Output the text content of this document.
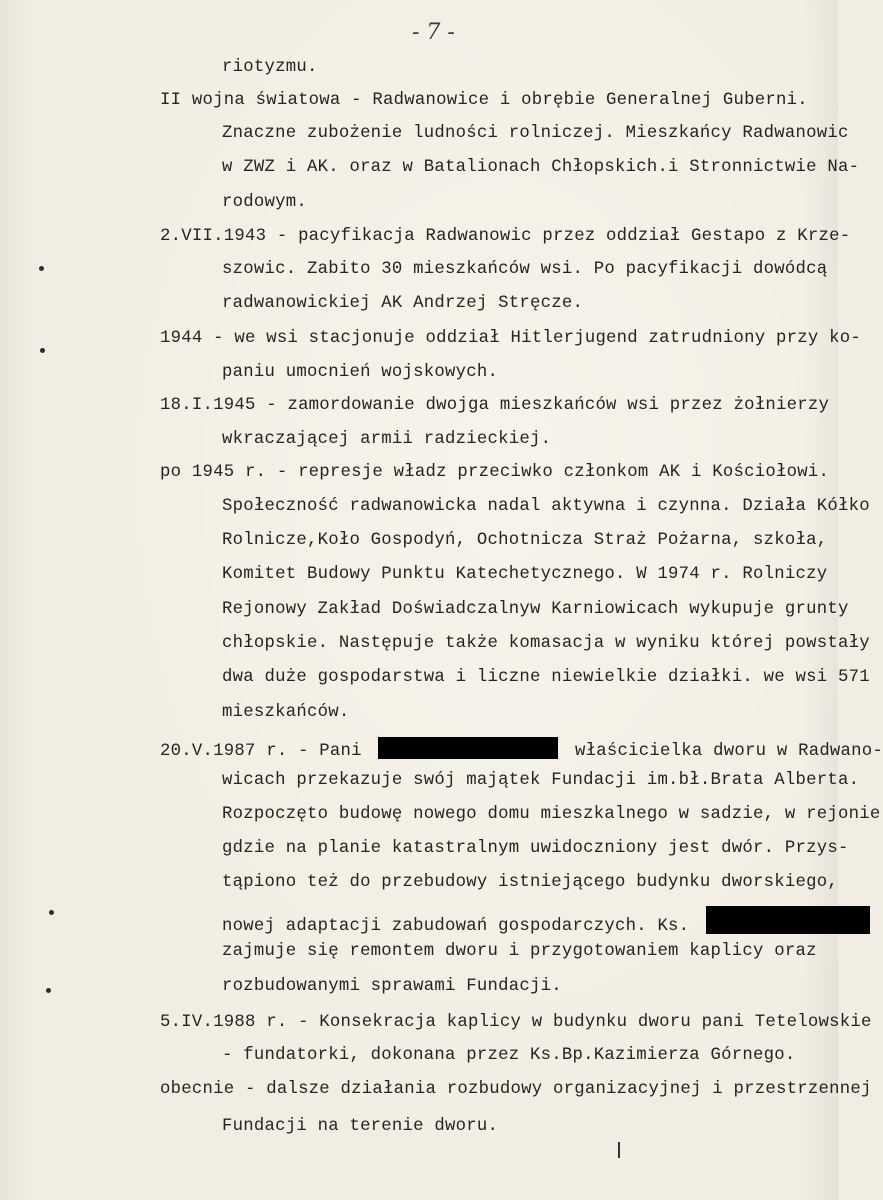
- 7 -
riotyzmu.
II wojna światowa - Radwanowice i obrębie Generalnej Guberni.
Znaczne zubożenie ludności rolniczej. Mieszkańcy Radwanowic
w ZWZ i AK. oraz w Batalionach Chłopskich.i Stronnictwie Na-
rodowym.
2.VII.1943 - pacyfikacja Radwanowic przez oddział Gestapo z Krze-
szowic. Zabito 30 mieszkańców wsi. Po pacyfikacji dowódcą
radwanowickiej AK Andrzej Stręcze.
1944 - we wsi stacjonuje oddział Hitlerjugend zatrudniony przy ko-
paniu umocnień wojskowych.
18.I.1945 - zamordowanie dwojga mieszkańców wsi przez żołnierzy
wkraczającej armii radzieckiej.
po 1945 r. - represje władz przeciwko członkom AK i Kościołowi.
Społeczność radwanowicka nadal aktywna i czynna. Działa Kółko
Rolnicze,Koło Gospodyń, Ochotnicza Straż Pożarna, szkoła,
Komitet Budowy Punktu Katechetycznego. W 1974 r. Rolniczy
Rejonowy Zakład Doświadczalnyw Karniowicach wykupuje grunty
chłopskie. Następuje także komasacja w wyniku której powstały
dwa duże gospodarstwa i liczne niewielkie działki. we wsi 571
mieszkańców.
20.V.1987 r. - Pani	właścicielka dworu w Radwano-
wicach przekazuje swój majątek Fundacji im.bł.Brata Alberta.
Rozpoczęto budowę nowego domu mieszkalnego w sadzie, w rejonie
gdzie na planie katastralnym uwidoczniony jest dwór. Przys-
tąpiono też do przebudowy istniejącego budynku dworskiego,
nowej adaptacji zabudowań gospodarczych. Ks.
zajmuje się remontem dworu i przygotowaniem kaplicy oraz
rozbudowanymi sprawami Fundacji.
5.IV.1988 r. - Konsekracja kaplicy w budynku dworu pani Tetelowskie
- fundatorki, dokonana przez Ks.Bp.Kazimierza Górnego.
obecnie - dalsze działania rozbudowy organizacyjnej i przestrzennej
Fundacji na terenie dworu.
